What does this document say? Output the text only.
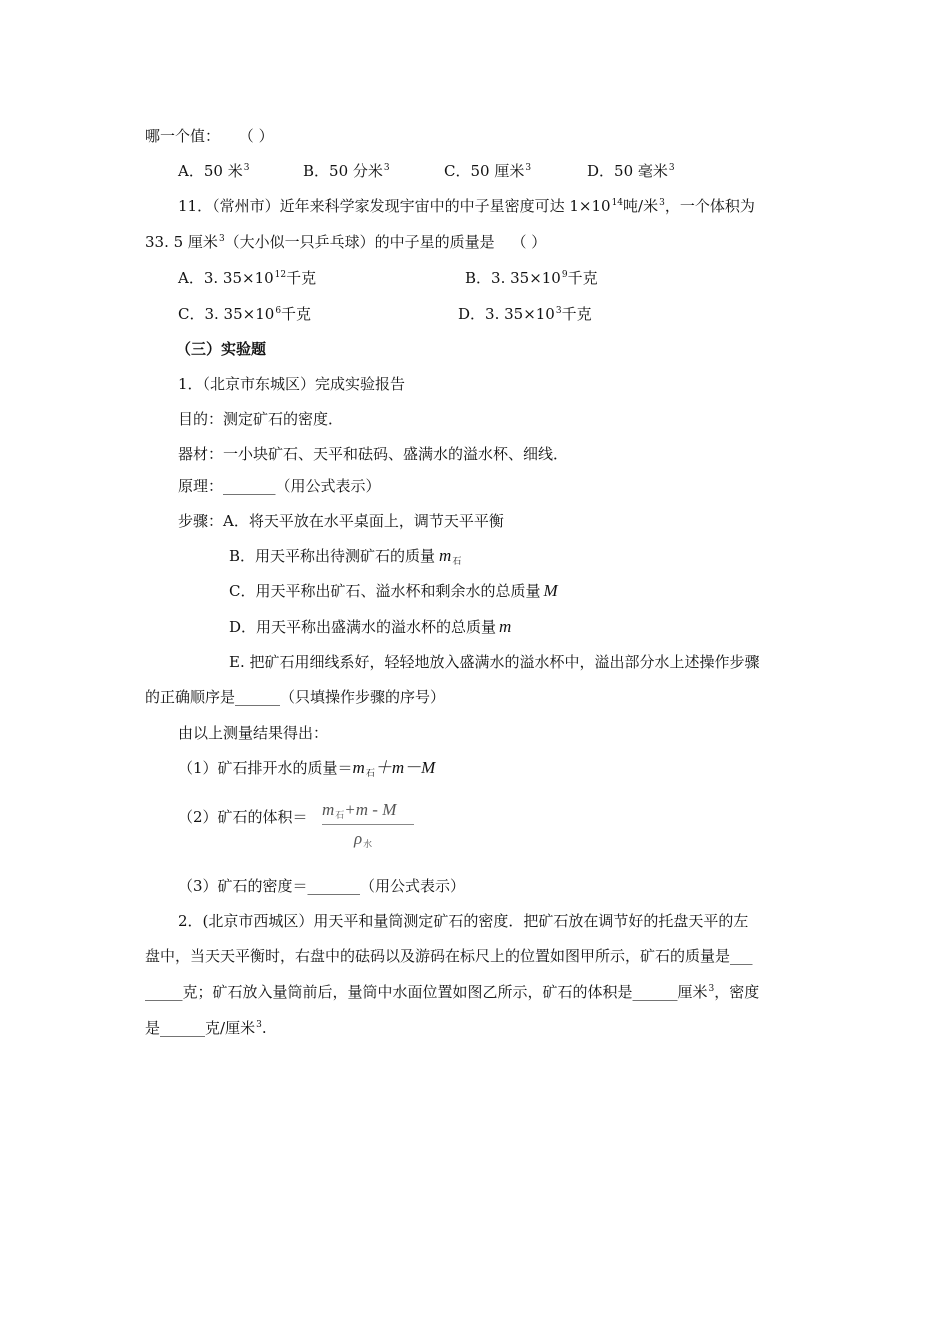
哪一个值： （ ）
A．50 米$^3$	B．50 分米$^3$	C．50 厘米$^3$	D．50 毫米$^3$
11．（常州市）近年来科学家发现宇宙中的中子星密度可达 $1\times 10^{14}$吨/米$^3$，一个体积为
33. 5 厘米$^3$（大小似一只乒乓球）的中子星的质量是 （ ）
A．3. $35\times 10^{12}$千克	B．3. $35\times 10^9$千克
C．3. $35\times 10^6$千克	D．3. $35\times 10^3$千克
（三）实验题
1．（北京市东城区）完成实验报告
目的：测定矿石的密度．
器材：一小块矿石、天平和砝码、盛满水的溢水杯、细线．
原理：_______（用公式表示）
步骤：A．将天平放在水平桌面上，调节天平平衡
B．用天平称出待测矿石的质量 $m_石$
C．用天平称出矿石、溢水杯和剩余水的总质量 M
D．用天平称出盛满水的溢水杯的总质量 m
E. 把矿石用细线系好，轻轻地放入盛满水的溢水杯中，溢出部分水上述操作步骤
的正确顺序是______（只填操作步骤的序号）
由以上测量结果得出：
（1）矿石排开水的质量$=m_石+m-M$
（2）矿石的体积＝ $m_石+m - M$
$\rho_水$
（3）矿石的密度＝_______（用公式表示）
2．(北京市西城区）用天平和量筒测定矿石的密度．把矿石放在调节好的托盘天平的左
盘中，当天天平衡时，右盘中的砝码以及游码在标尺上的位置如图甲所示，矿石的质量是___
_____克；矿石放入量筒前后，量筒中水面位置如图乙所示，矿石的体积是______厘米$^3$，密度
是______克/厘米$^3$.
